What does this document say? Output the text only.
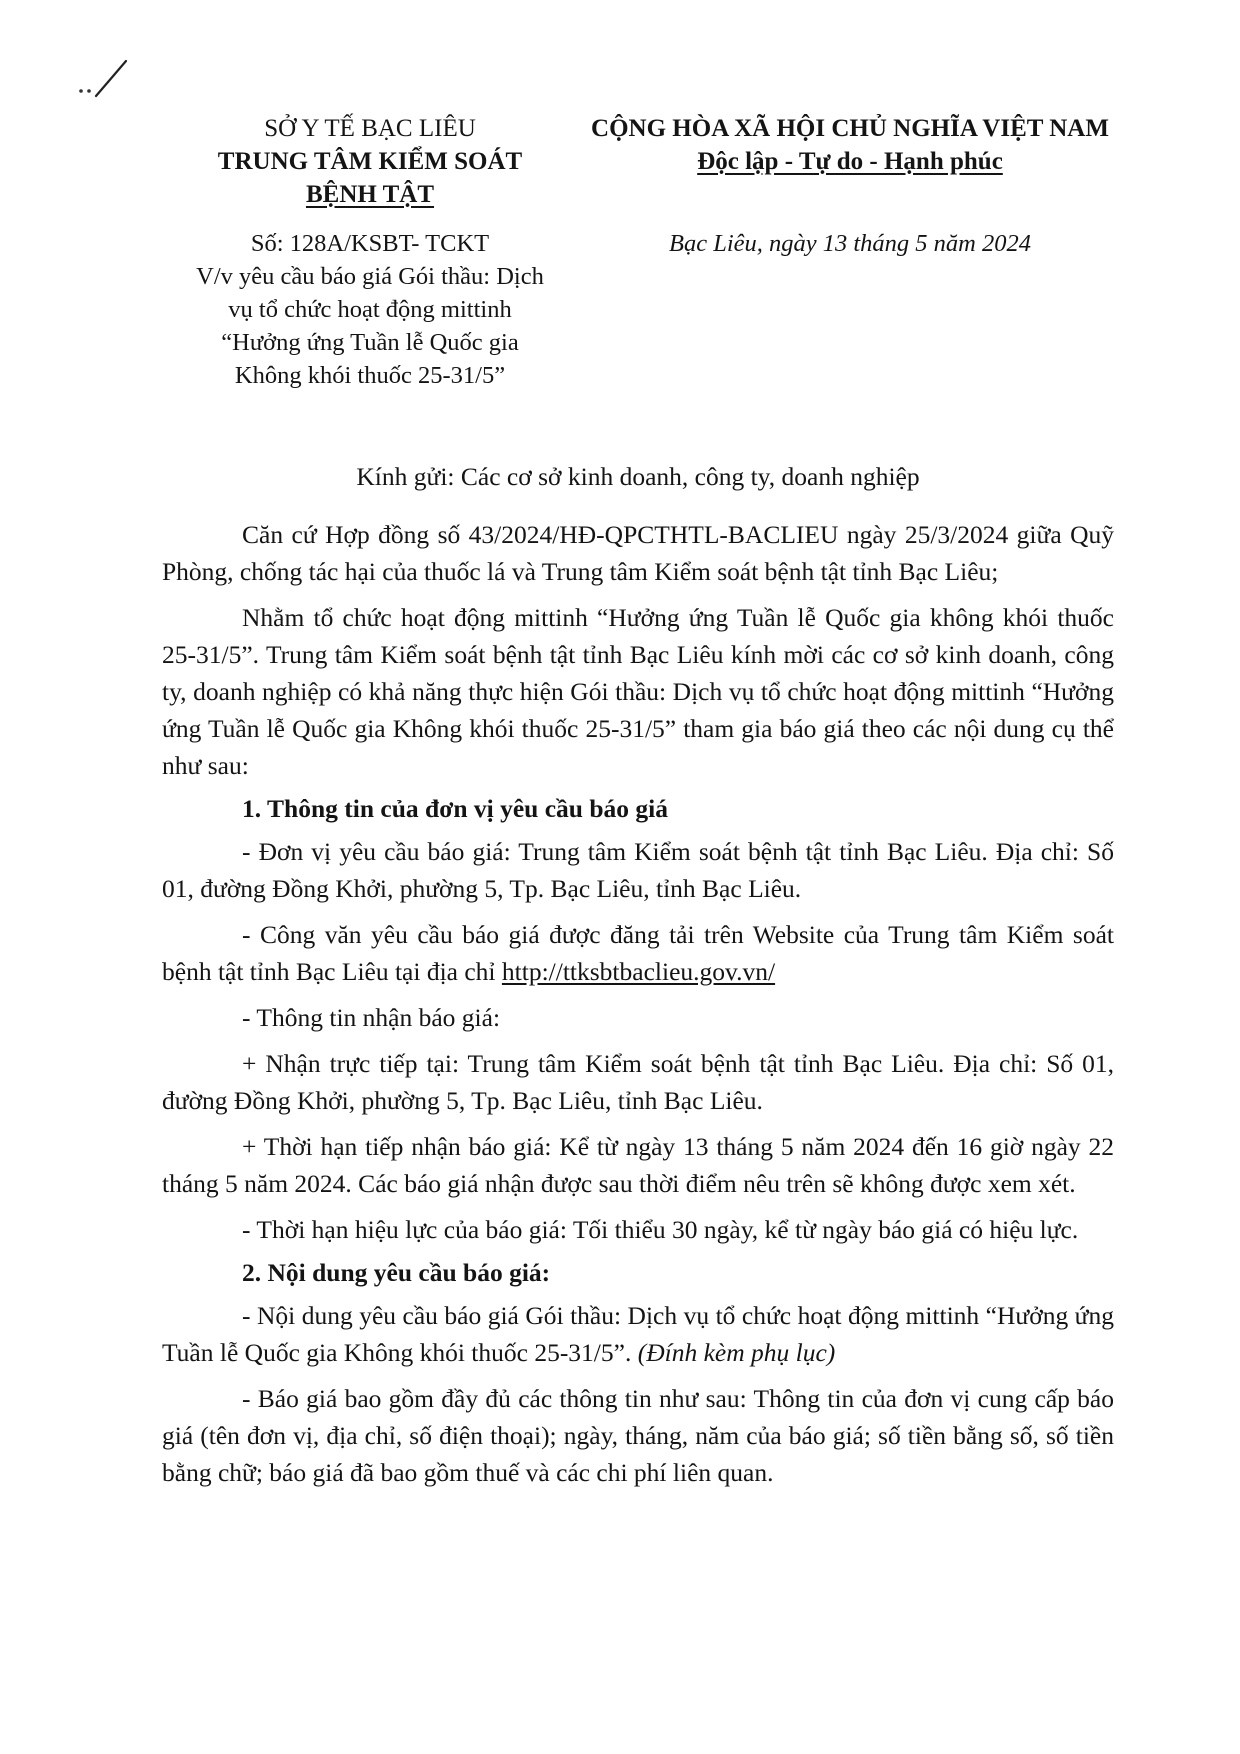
SỞ Y TẾ BẠC LIÊU
TRUNG TÂM KIỂM SOÁT
BỆNH TẬT
Số: 128A/KSBT- TCKT
V/v yêu cầu báo giá Gói thầu: Dịch
vụ tổ chức hoạt động mittinh
“Hưởng ứng Tuần lễ Quốc gia
Không khói thuốc 25-31/5”
CỘNG HÒA XÃ HỘI CHỦ NGHĨA VIỆT NAM
Độc lập - Tự do - Hạnh phúc
Bạc Liêu, ngày 13 tháng 5 năm 2024
Kính gửi: Các cơ sở kinh doanh, công ty, doanh nghiệp

Căn cứ Hợp đồng số 43/2024/HĐ-QPCTHTL-BACLIEU ngày 25/3/2024 giữa Quỹ Phòng, chống tác hại của thuốc lá và Trung tâm Kiểm soát bệnh tật tỉnh Bạc Liêu;

Nhằm tổ chức hoạt động mittinh “Hưởng ứng Tuần lễ Quốc gia không khói thuốc 25-31/5”. Trung tâm Kiểm soát bệnh tật tỉnh Bạc Liêu kính mời các cơ sở kinh doanh, công ty, doanh nghiệp có khả năng thực hiện Gói thầu: Dịch vụ tổ chức hoạt động mittinh “Hưởng ứng Tuần lễ Quốc gia Không khói thuốc 25-31/5” tham gia báo giá theo các nội dung cụ thể như sau:

1. Thông tin của đơn vị yêu cầu báo giá

- Đơn vị yêu cầu báo giá: Trung tâm Kiểm soát bệnh tật tỉnh Bạc Liêu. Địa chỉ: Số 01, đường Đồng Khởi, phường 5, Tp. Bạc Liêu, tỉnh Bạc Liêu.

- Công văn yêu cầu báo giá được đăng tải trên Website của Trung tâm Kiểm soát bệnh tật tỉnh Bạc Liêu tại địa chỉ http://ttksbtbaclieu.gov.vn/

- Thông tin nhận báo giá:

+ Nhận trực tiếp tại: Trung tâm Kiểm soát bệnh tật tỉnh Bạc Liêu. Địa chỉ: Số 01, đường Đồng Khởi, phường 5, Tp. Bạc Liêu, tỉnh Bạc Liêu.

+ Thời hạn tiếp nhận báo giá: Kể từ ngày 13 tháng 5 năm 2024 đến 16 giờ ngày 22 tháng 5 năm 2024. Các báo giá nhận được sau thời điểm nêu trên sẽ không được xem xét.

- Thời hạn hiệu lực của báo giá: Tối thiểu 30 ngày, kể từ ngày báo giá có hiệu lực.

2. Nội dung yêu cầu báo giá:

- Nội dung yêu cầu báo giá Gói thầu: Dịch vụ tổ chức hoạt động mittinh “Hưởng ứng Tuần lễ Quốc gia Không khói thuốc 25-31/5”. (Đính kèm phụ lục)

- Báo giá bao gồm đầy đủ các thông tin như sau: Thông tin của đơn vị cung cấp báo giá (tên đơn vị, địa chỉ, số điện thoại); ngày, tháng, năm của báo giá; số tiền bằng số, số tiền bằng chữ; báo giá đã bao gồm thuế và các chi phí liên quan.
